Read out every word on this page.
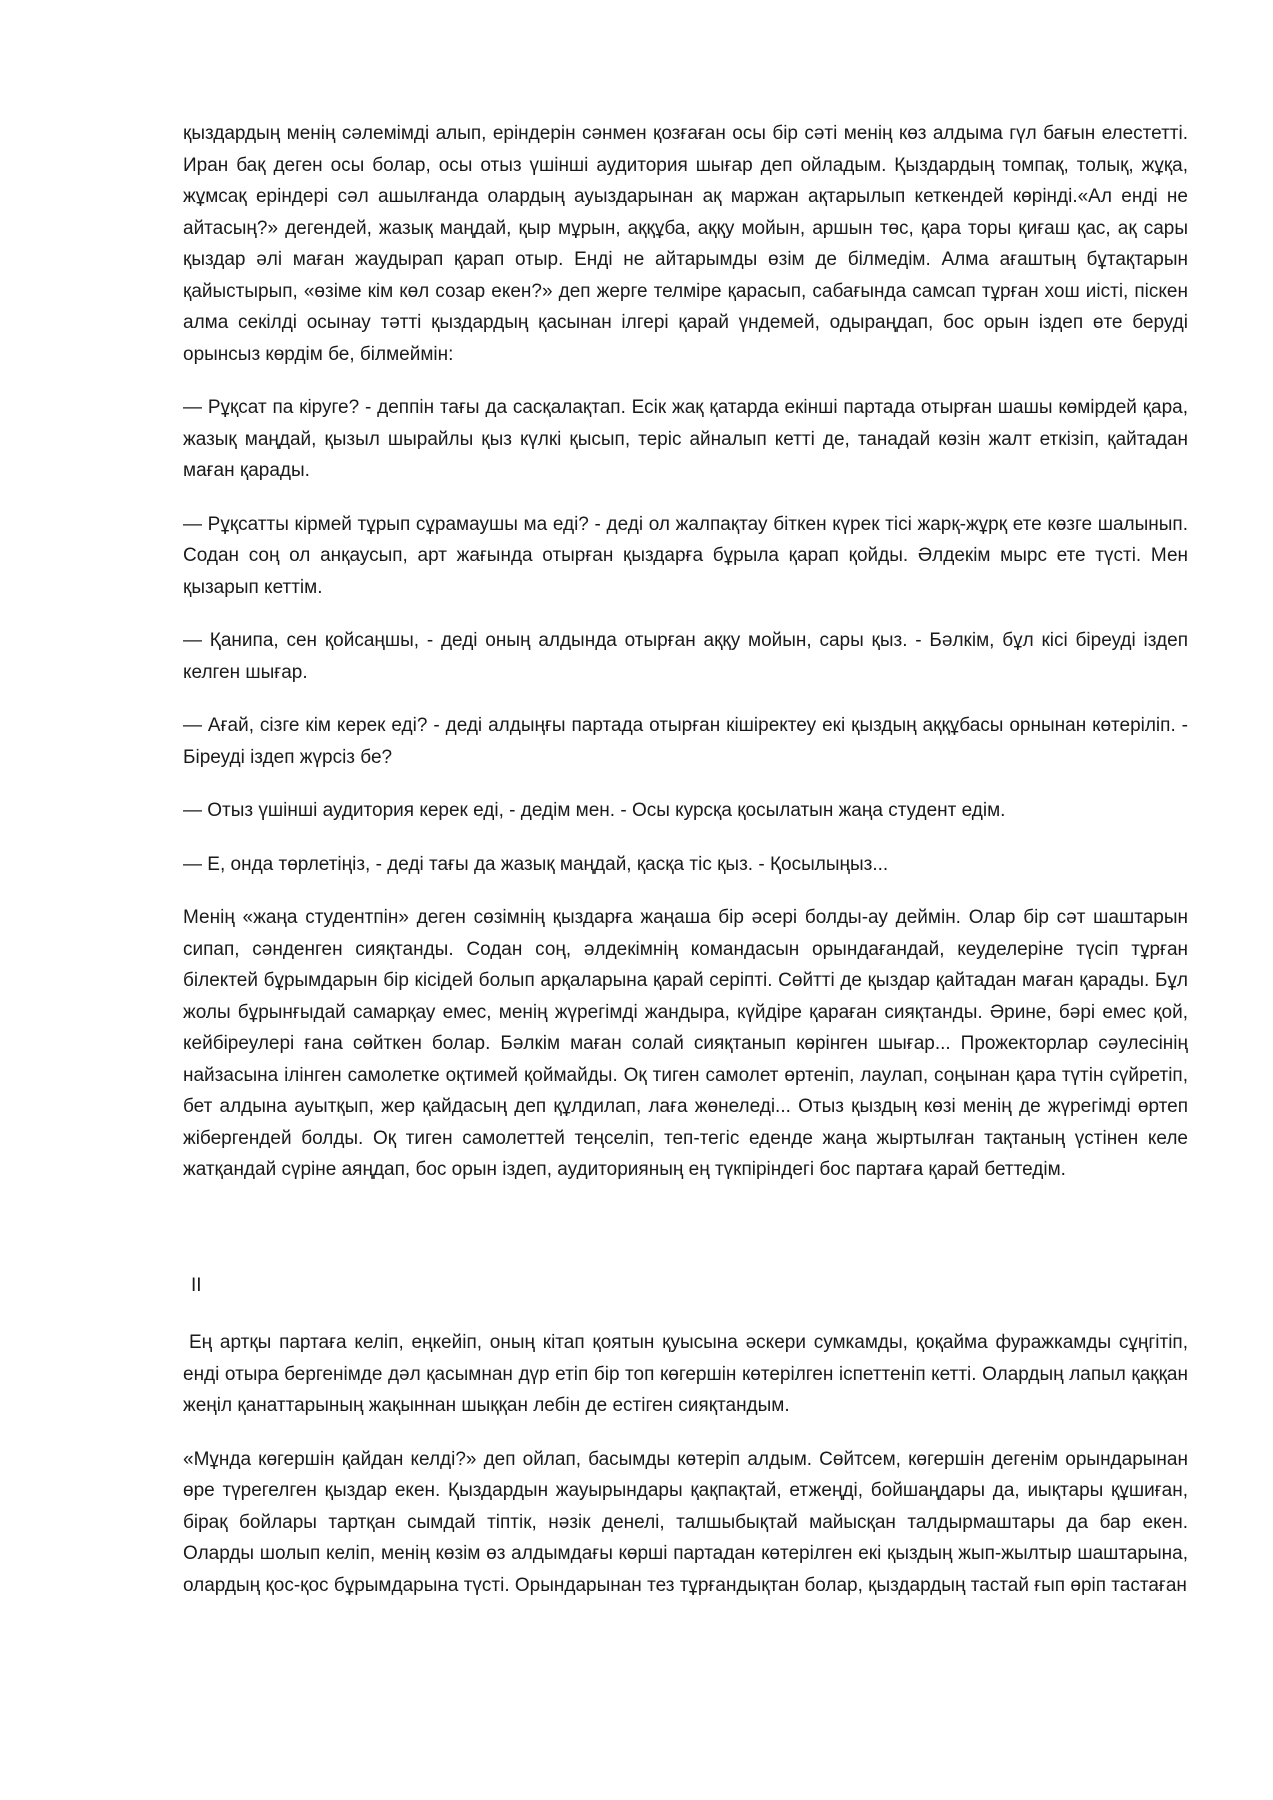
қыздардың менің сәлемімді алып, еріндерін сәнмен қозғаған осы бір сәті менің көз алдыма гүл бағын елестетті. Иран бақ деген осы болар, осы отыз үшінші аудитория шығар деп ойладым. Қыздардың томпақ, толық, жұқа, жұмсақ еріндері сәл ашылғанда олардың ауыздарынан ақ маржан ақтарылып кеткендей көрінді.«Ал енді не айтасың?» дегендей, жазық маңдай, қыр мұрын, аққұба, аққу мойын, аршын төс, қара торы қиғаш қас, ақ сары қыздар әлі маған жаудырап қарап отыр. Енді не айтарымды өзім де білмедім. Алма ағаштың бұтақтарын қайыстырып, «өзіме кім көл созар екен?» деп жерге телміре қарасып, сабағында самсап тұрған хош иісті, піскен алма секілді осынау тәтті қыздардың қасынан ілгері қарай үндемей, одыраңдап, бос орын іздеп өте беруді орынсыз көрдім бе, білмеймін:

— Рұқсат па кіруге? - деппін тағы да сасқалақтап. Есік жақ қатарда екінші партада отырған шашы көмірдей қара, жазық маңдай, қызыл шырайлы қыз күлкі қысып, теріс айналып кетті де, танадай көзін жалт еткізіп, қайтадан маған қарады.

— Рұқсатты кірмей тұрып сұрамаушы ма еді? - деді ол жалпақтау біткен күрек тісі жарқ-жұрқ ете көзге шалынып. Содан соң ол анқаусып, арт жағында отырған қыздарға бұрыла қарап қойды. Әлдекім мырс ете түсті. Мен қызарып кеттім.

— Қанипа, сен қойсаңшы, - деді оның алдында отырған аққу мойын, сары қыз. - Бәлкім, бұл кісі біреуді іздеп келген шығар.

— Ағай, сізге кім керек еді? - деді алдыңғы партада отырған кішіректеу екі қыздың аққұбасы орнынан көтеріліп. - Біреуді іздеп жүрсіз бе?

— Отыз үшінші аудитория керек еді, - дедім мен. - Осы курсқа қосылатын жаңа студент едім.

— Е, онда төрлетіңіз, - деді тағы да жазық маңдай, қасқа тіс қыз. - Қосылыңыз...

Менің «жаңа студентпін» деген сөзімнің қыздарға жаңаша бір әсері болды-ау деймін. Олар бір сәт шаштарын сипап, сәнденген сияқтанды. Содан соң, әлдекімнің командасын орындағандай, кеуделеріне түсіп тұрған білектей бұрымдарын бір кісідей болып арқаларына қарай серіпті. Сөйтті де қыздар қайтадан маған қарады. Бұл жолы бұрынғыдай самарқау емес, менің жүрегімді жандыра, күйдіре қараған сияқтанды. Әрине, бәрі емес қой, кейбіреулері ғана сөйткен болар. Бәлкім маған солай сияқтанып көрінген шығар... Прожекторлар сәулесінің найзасына ілінген самолетке оқтимей қоймайды. Оқ тиген самолет өртеніп, лаулап, соңынан қара түтін сүйретіп, бет алдына ауытқып, жер қайдасың деп құлдилап, лаға жөнеледі... Отыз қыздың көзі менің де жүрегімді өртеп жібергендей болды. Оқ тиген самолеттей теңселіп, теп-тегіс еденде жаңа жыртылған тақтаның үстінен келе жатқандай сүріне аяңдап, бос орын іздеп, аудиторияның ең түкпіріндегі бос партаға қарай беттедім.

II

Ең артқы партаға келіп, еңкейіп, оның кітап қоятын қуысына әскери сумкамды, қоқайма фуражкамды сұңгітіп, енді отыра бергенімде дәл қасымнан дүр етіп бір топ көгершін көтерілген іспеттеніп кетті. Олардың лапыл қаққан жеңіл қанаттарының жақыннан шыққан лебін де естіген сияқтандым.

«Мұнда көгершін қайдан келді?» деп ойлап, басымды көтеріп алдым. Сөйтсем, көгершін дегенім орындарынан өре түрегелген қыздар екен. Қыздардын жауырындары қақпақтай, етжеңді, бойшаңдары да, иықтары құшиған, бірақ бойлары тартқан сымдай тіптік, нәзік денелі, талшыбықтай майысқан талдырмаштары да бар екен. Оларды шолып келіп, менің көзім өз алдымдағы көрші партадан көтерілген екі қыздың жып-жылтыр шаштарына, олардың қос-қос бұрымдарына түсті. Орындарынан тез тұрғандықтан болар, қыздардың тастай ғып өріп тастаған
